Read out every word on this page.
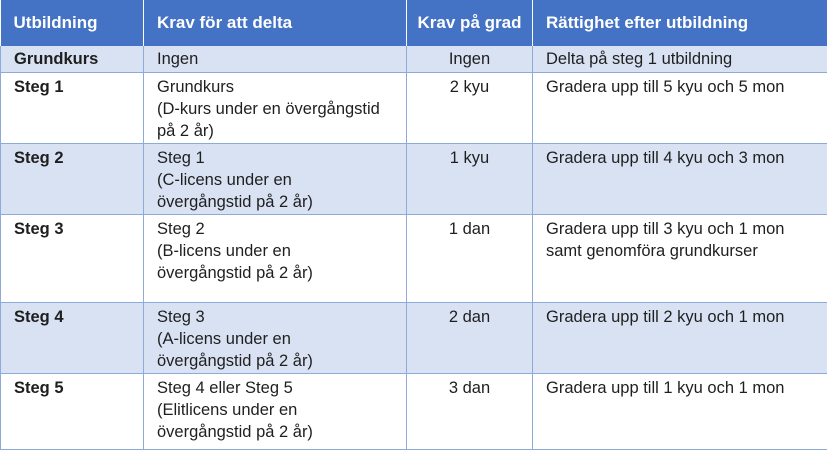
Utbildning	Krav för att delta	Krav på grad	Rättighet efter utbildning
Grundkurs	Ingen	Ingen	Delta på steg 1 utbildning

Steg 1	Grundkurs
(D-kurs under en övergångstid
på 2 år)	2 kyu	Gradera upp till 5 kyu och 5 mon

Steg 2	Steg 1
(C-licens under en
övergångstid på 2 år)	1 kyu	Gradera upp till 4 kyu och 3 mon

Steg 3	Steg 2
(B-licens under en
övergångstid på 2 år)	1 dan	Gradera upp till 3 kyu och 1 mon
samt genomföra grundkurser

Steg 4	Steg 3
(A-licens under en
övergångstid på 2 år)	2 dan	Gradera upp till 2 kyu och 1 mon

Steg 5	Steg 4 eller Steg 5
(Elitlicens under en
övergångstid på 2 år)	3 dan	Gradera upp till 1 kyu och 1 mon
